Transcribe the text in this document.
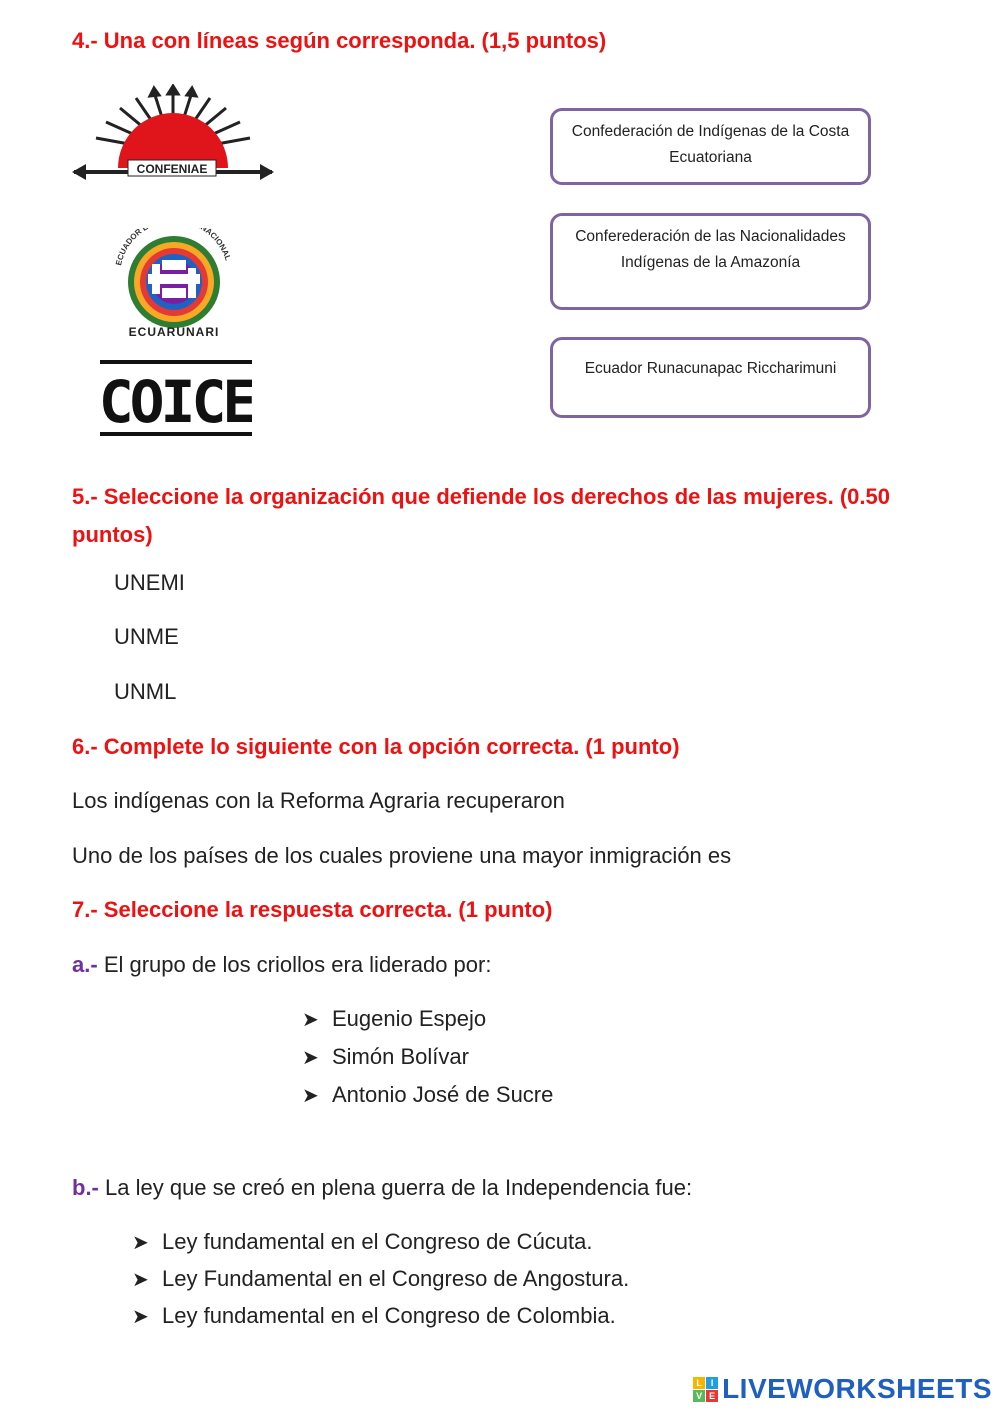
4.- Una con líneas según corresponda. (1,5 puntos)
CONFENIAE
ECUADOR NACIONAL
ECUARUNARI
COICE
Confederación de Indígenas de la Costa Ecuatoriana
Conferederación de las Nacionalidades Indígenas de la Amazonía
Ecuador Runacunapac Riccharimuni
5.- Seleccione la organización que defiende los derechos de las mujeres. (0.50 puntos)
UNEMI
UNME
UNML
6.- Complete lo siguiente con la opción correcta. (1 punto)
Los indígenas con la Reforma Agraria recuperaron
Uno de los países de los cuales proviene una mayor inmigración es
7.- Seleccione la respuesta correcta. (1 punto)
a.- El grupo de los criollos era liderado por:
➤ Eugenio Espejo
➤ Simón Bolívar
➤ Antonio José de Sucre
b.- La ley que se creó en plena guerra de la Independencia fue:
➤ Ley fundamental en el Congreso de Cúcuta.
➤ Ley Fundamental en el Congreso de Angostura.
➤ Ley fundamental en el Congreso de Colombia.
L I
V E LIVEWORKSHEETS
